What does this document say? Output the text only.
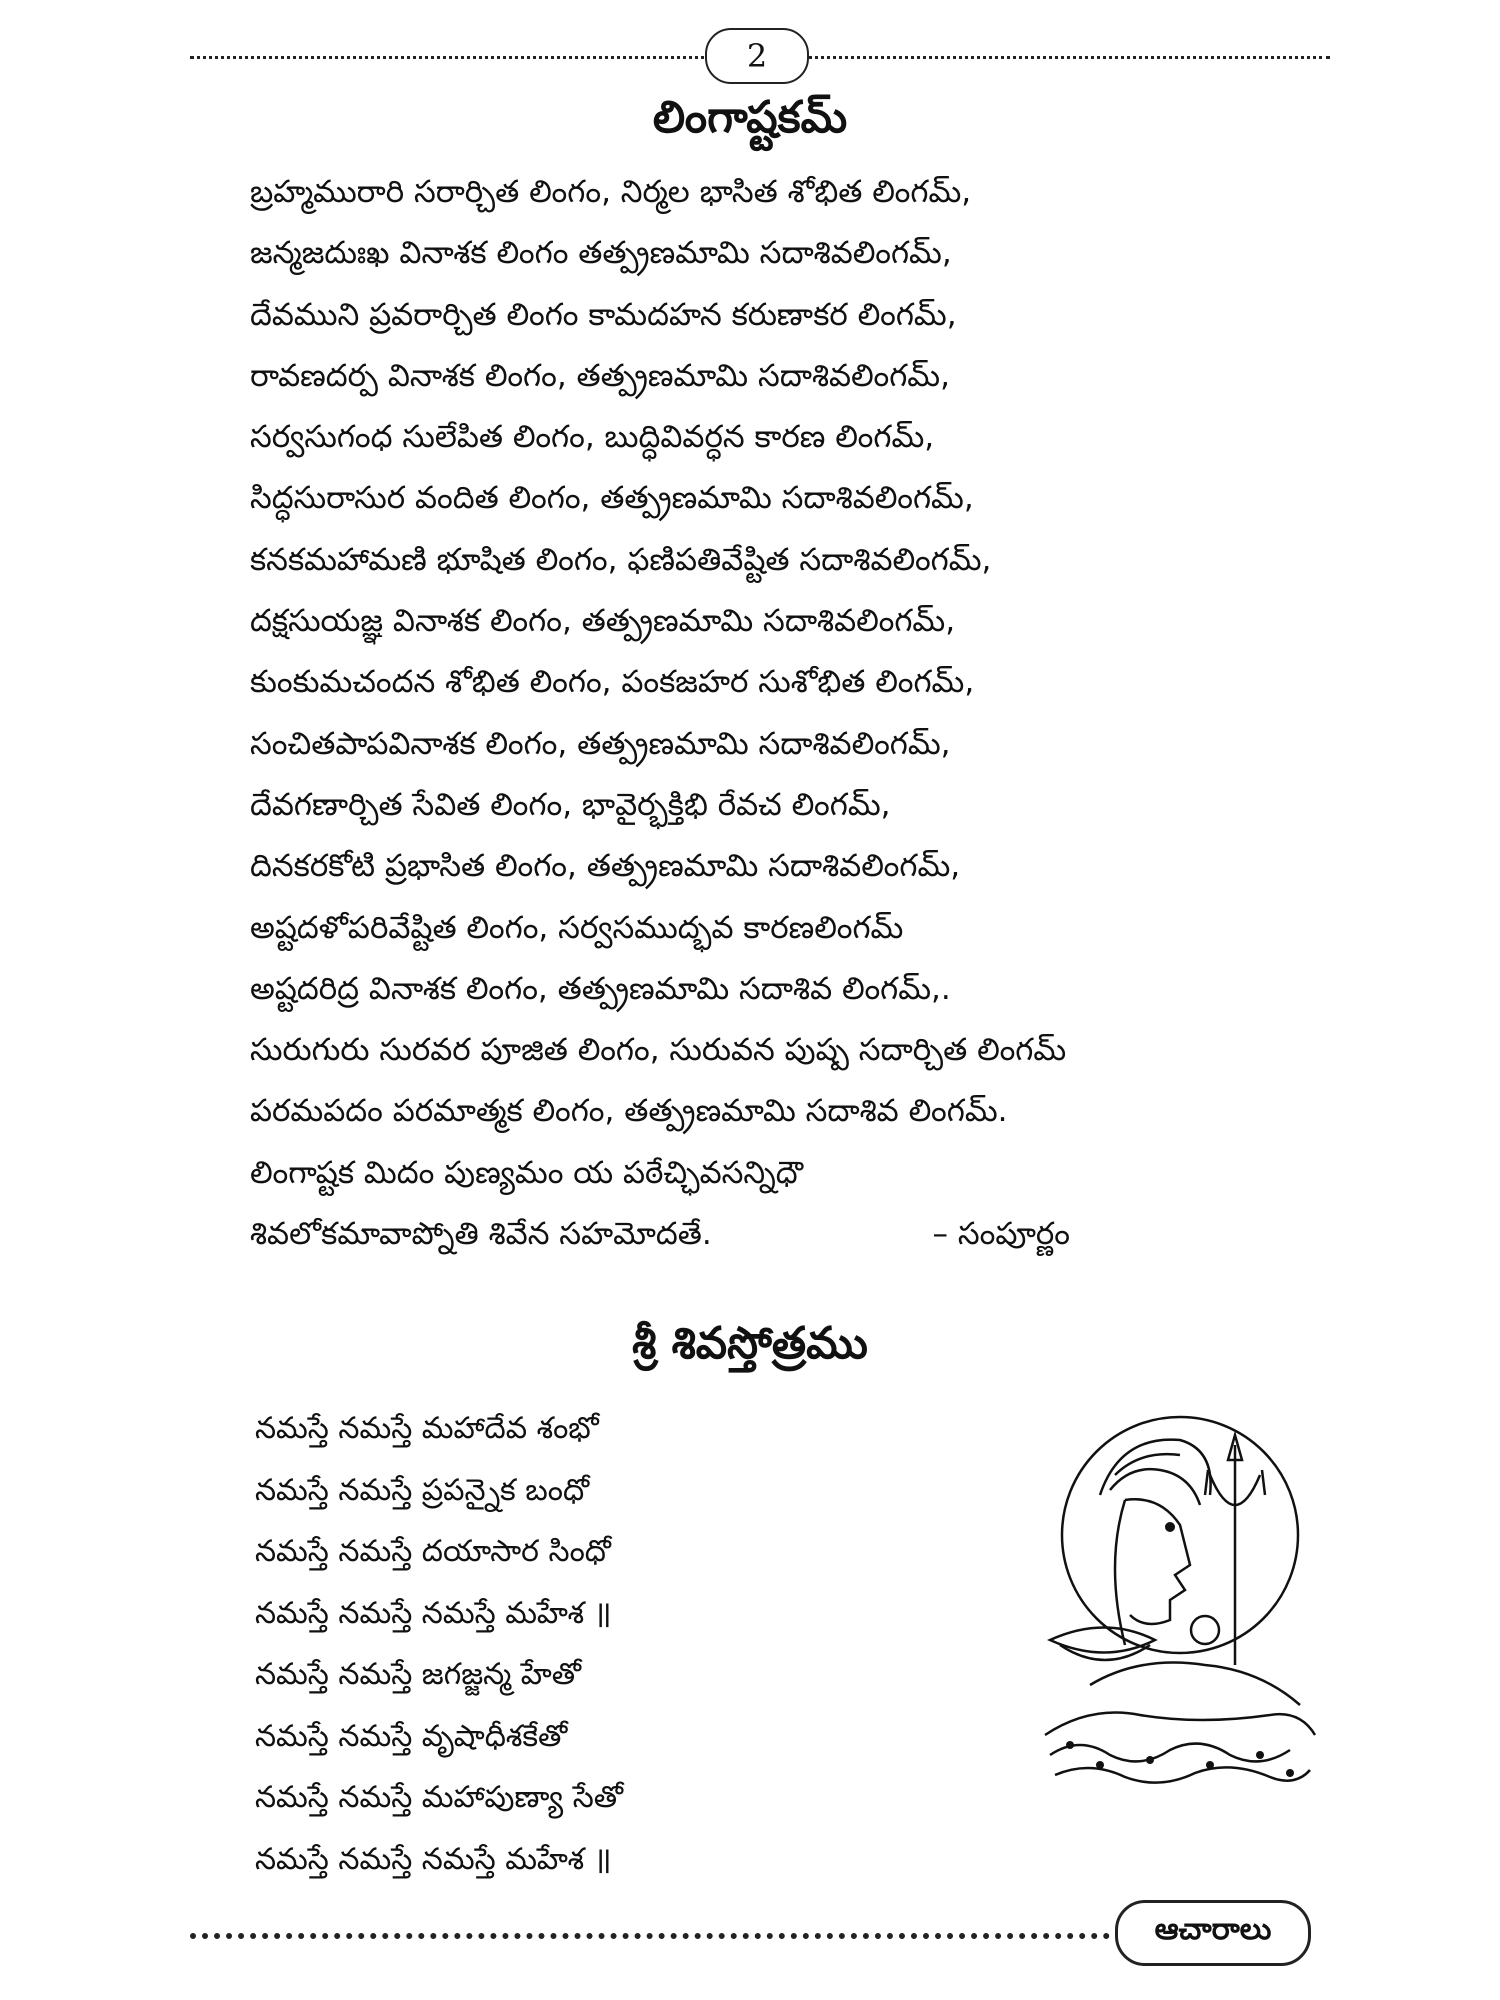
2
లింగాష్టకమ్
బ్రహ్మమురారి సరార్చిత లింగం, నిర్మల భాసిత శోభిత లింగమ్,
జన్మజదుఃఖ వినాశక లింగం తత్ప్రణమామి సదాశివలింగమ్,
దేవముని ప్రవరార్చిత లింగం కామదహన కరుణాకర లింగమ్,
రావణదర్ప వినాశక లింగం, తత్ప్రణమామి సదాశివలింగమ్,
సర్వసుగంధ సులేపిత లింగం, బుద్ధివివర్ధన కారణ లింగమ్,
సిద్ధసురాసుర వందిత లింగం, తత్ప్రణమామి సదాశివలింగమ్,
కనకమహామణి భూషిత లింగం, ఫణిపతివేష్టిత సదాశివలింగమ్,
దక్షసుయజ్ఞ వినాశక లింగం, తత్ప్రణమామి సదాశివలింగమ్,
కుంకుమచందన శోభిత లింగం, పంకజహర సుశోభిత లింగమ్,
సంచితపాపవినాశక లింగం, తత్ప్రణమామి సదాశివలింగమ్,
దేవగణార్చిత సేవిత లింగం, భావైర్భక్తిభి రేవచ లింగమ్,
దినకరకోటి ప్రభాసిత లింగం, తత్ప్రణమామి సదాశివలింగమ్,
అష్టదళోపరివేష్టిత లింగం, సర్వసముద్భవ కారణలింగమ్
అష్టదరిద్ర వినాశక లింగం, తత్ప్రణమామి సదాశివ లింగమ్,.
సురుగురు సురవర పూజిత లింగం, సురువన పుష్ప సదార్చిత లింగమ్
పరమపదం పరమాత్మక లింగం, తత్ప్రణమామి సదాశివ లింగమ్.
లింగాష్టక మిదం పుణ్యమం య పఠేచ్ఛివసన్నిధౌ
శివలోకమావాప్నోతి శివేన సహమోదతే.	– సంపూర్ణం
శ్రీ శివస్తోత్రము
నమస్తే నమస్తే మహాదేవ శంభో
నమస్తే నమస్తే ప్రపన్నైక బంధో
నమస్తే నమస్తే దయాసార సింధో
నమస్తే నమస్తే నమస్తే మహేశ ॥
నమస్తే నమస్తే జగజ్జన్మ హేతో
నమస్తే నమస్తే వృషాధీశకేతో
నమస్తే నమస్తే మహాపుణ్యా సేతో
నమస్తే నమస్తే నమస్తే మహేశ ॥
ఆచారాలు
